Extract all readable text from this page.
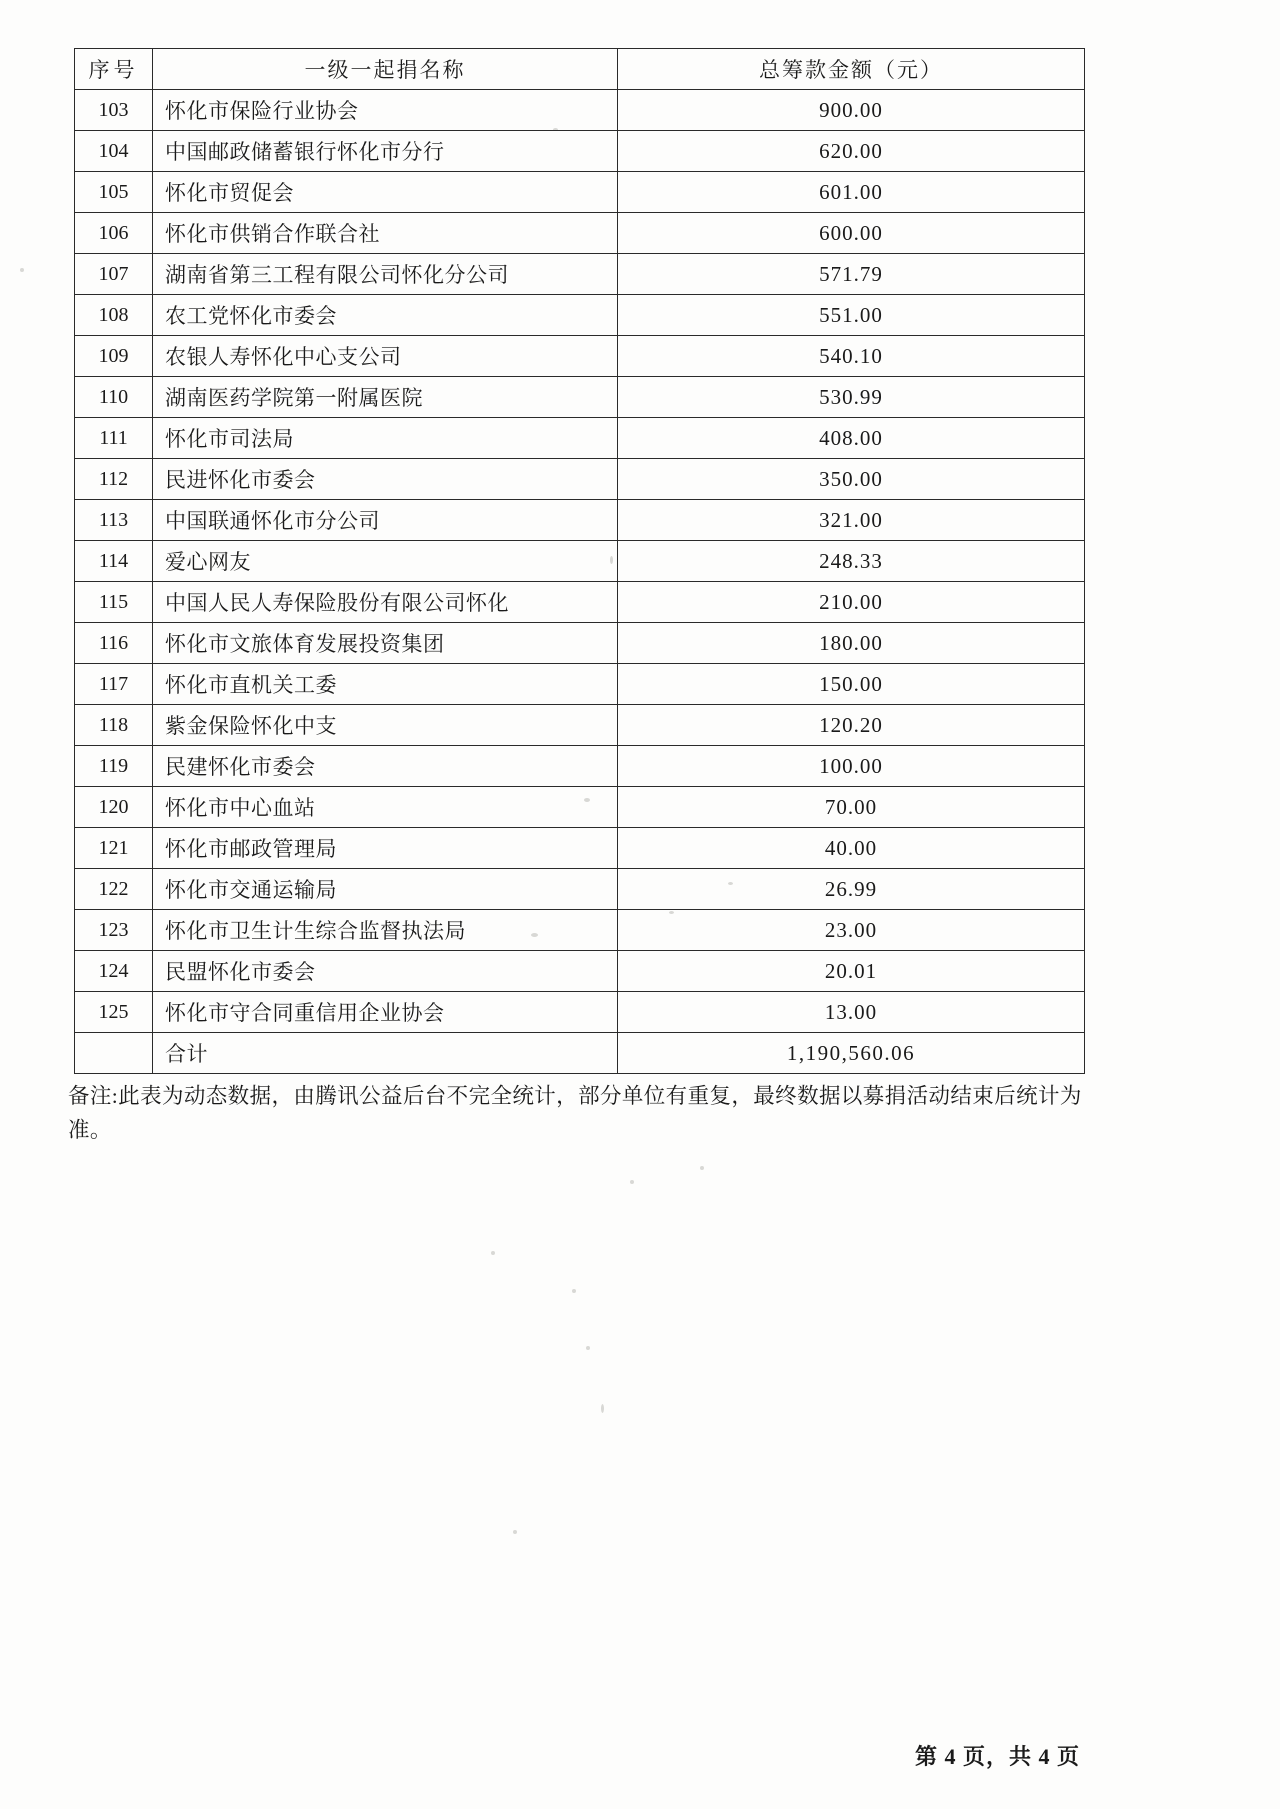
序号	一级一起捐名称	总筹款金额（元）
103	怀化市保险行业协会	900.00
104	中国邮政储蓄银行怀化市分行	620.00
105	怀化市贸促会	601.00
106	怀化市供销合作联合社	600.00
107	湖南省第三工程有限公司怀化分公司	571.79
108	农工党怀化市委会	551.00
109	农银人寿怀化中心支公司	540.10
110	湖南医药学院第一附属医院	530.99
111	怀化市司法局	408.00
112	民进怀化市委会	350.00
113	中国联通怀化市分公司	321.00
114	爱心网友	248.33
115	中国人民人寿保险股份有限公司怀化	210.00
116	怀化市文旅体育发展投资集团	180.00
117	怀化市直机关工委	150.00
118	紫金保险怀化中支	120.20
119	民建怀化市委会	100.00
120	怀化市中心血站	70.00
121	怀化市邮政管理局	40.00
122	怀化市交通运输局	26.99
123	怀化市卫生计生综合监督执法局	23.00
124	民盟怀化市委会	20.01
125	怀化市守合同重信用企业协会	13.00
	合计	1,190,560.06
备注:此表为动态数据，由腾讯公益后台不完全统计，部分单位有重复，最终数据以募捐活动结束后统计为准。
第 4 页，共 4 页
